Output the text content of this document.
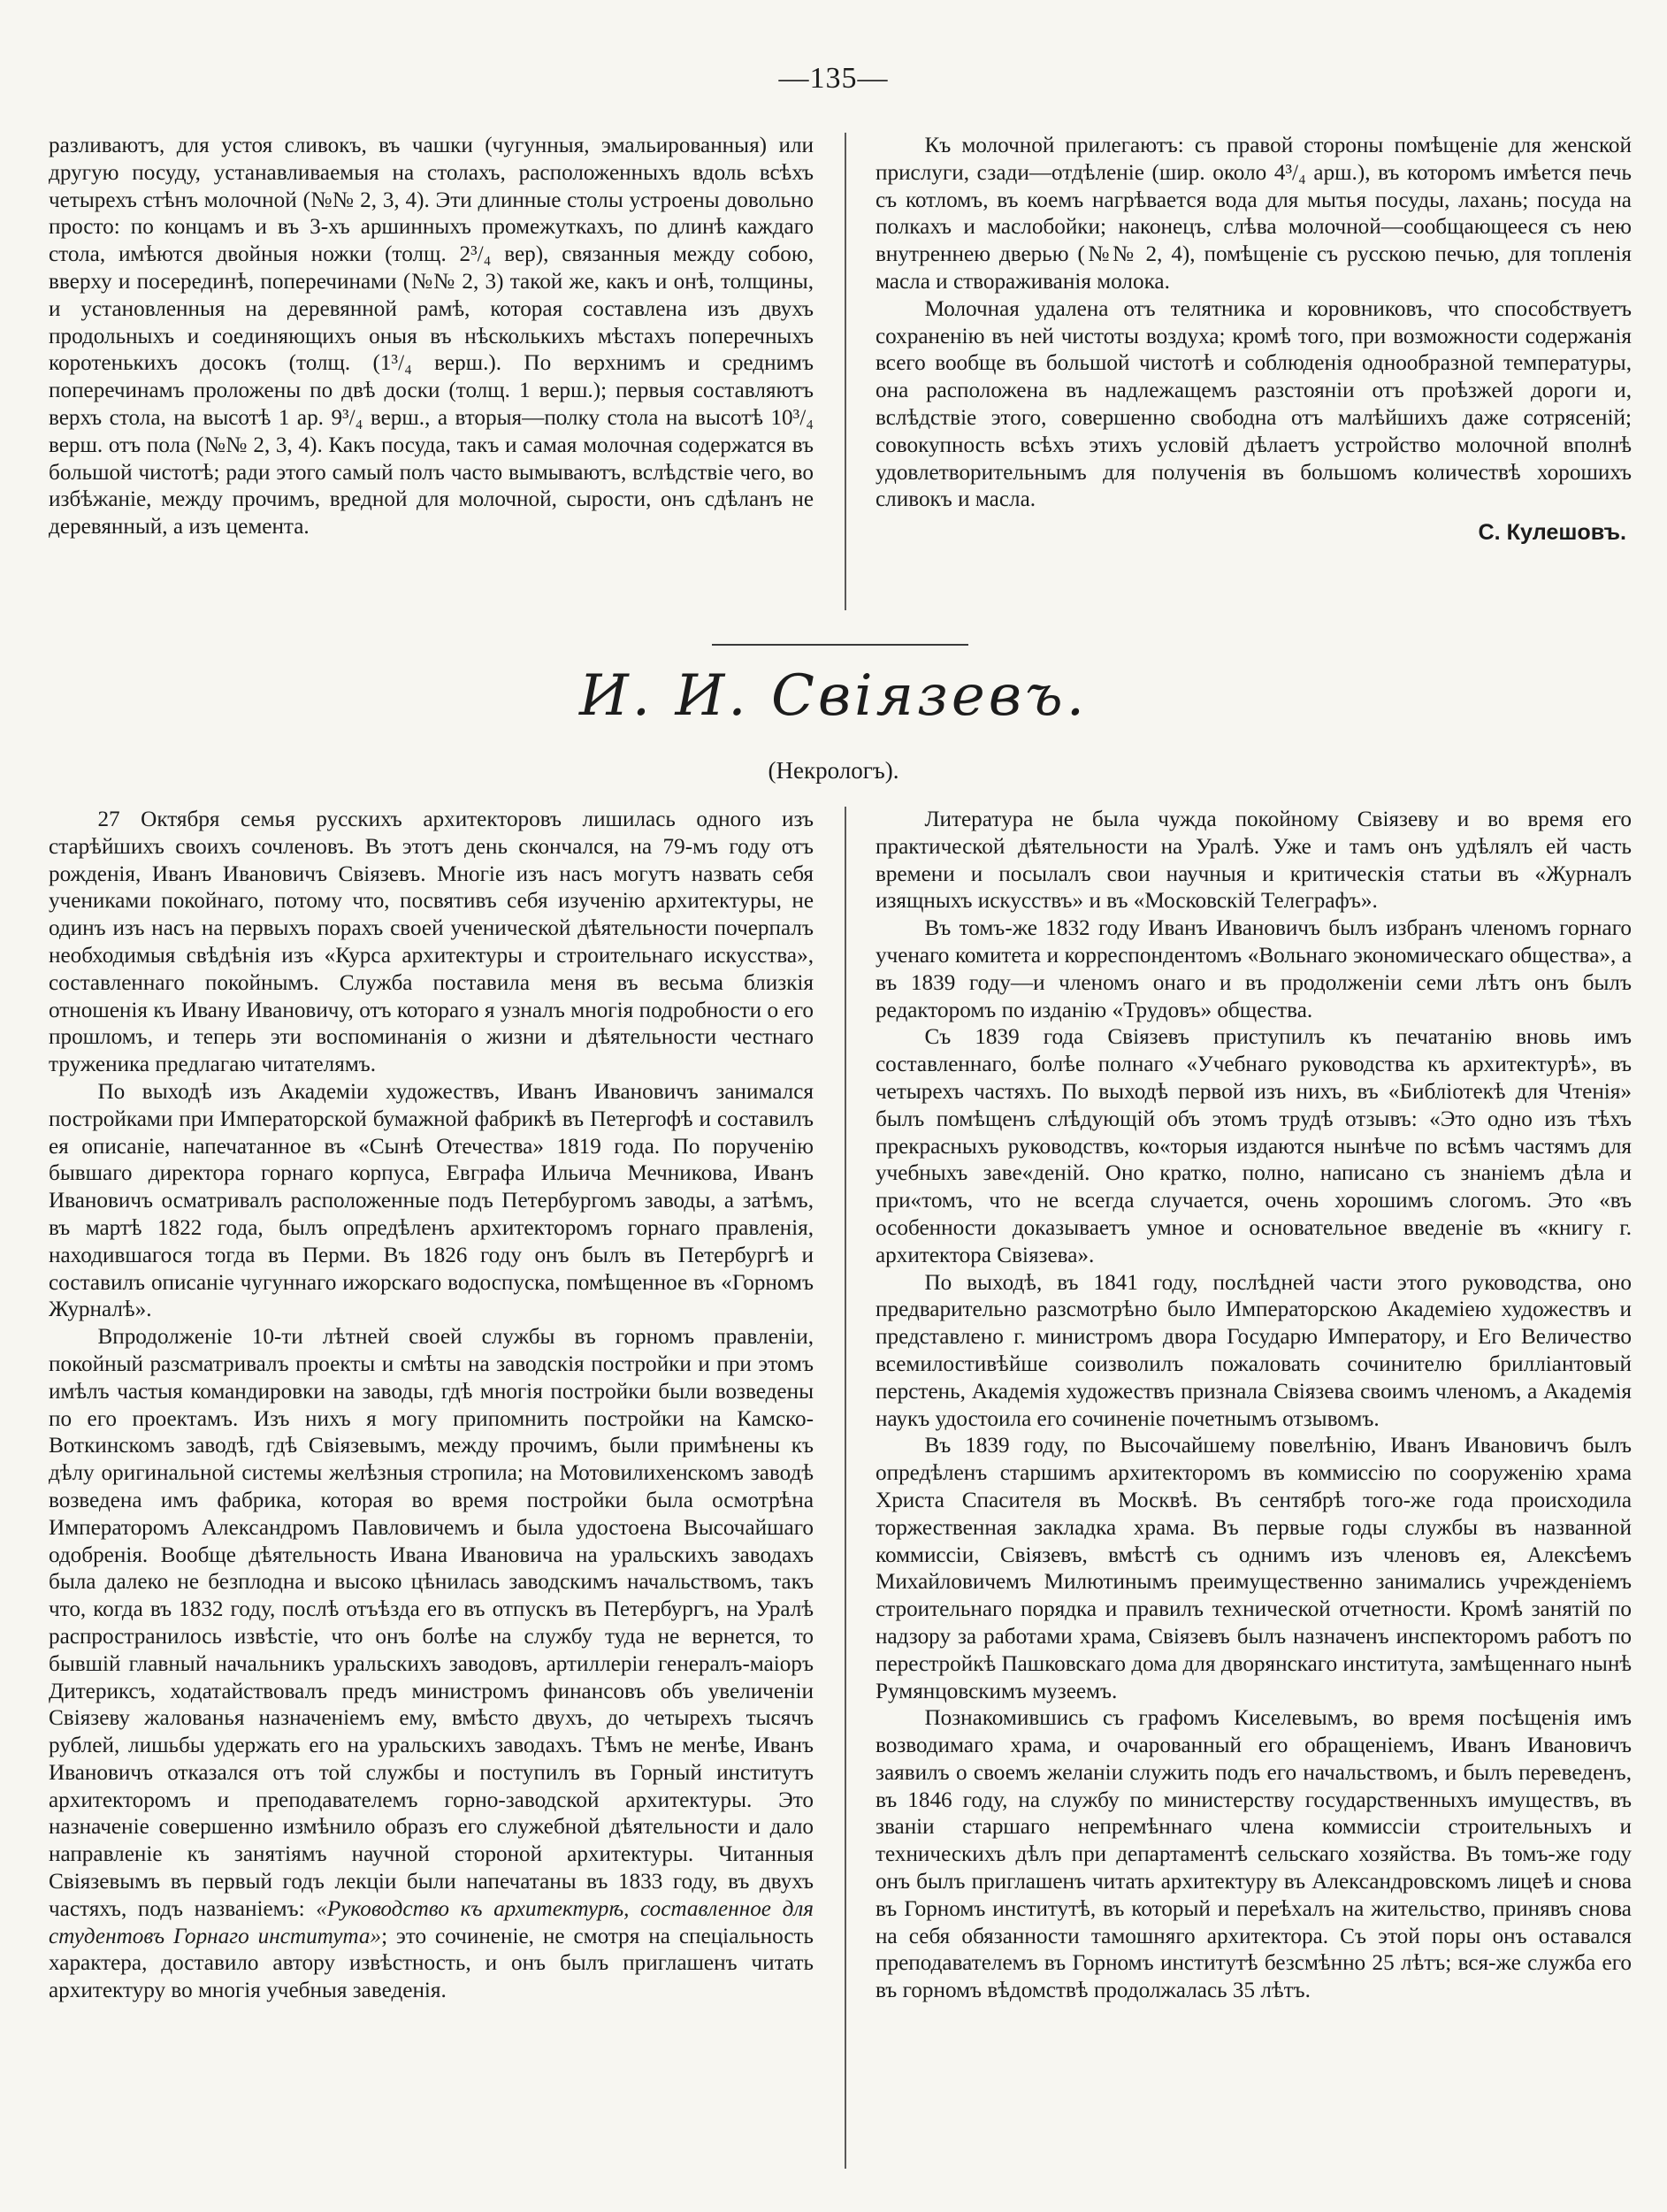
—135—

разливаютъ, для устоя сливокъ, въ чашки (чугунныя, эмальированныя) или другую посуду, устанавливаемыя на столахъ, расположенныхъ вдоль всѣхъ четырехъ стѣнъ молочной (№№ 2, 3, 4). Эти длинные столы устроены довольно просто: по концамъ и въ 3-хъ аршинныхъ промежуткахъ, по длинѣ каждаго стола, имѣются двойныя ножки (толщ. 2³/₄ вер), связанныя между собою, вверху и посерединѣ, поперечинами (№№ 2, 3) такой же, какъ и онѣ, толщины, и установленныя на деревянной рамѣ, которая составлена изъ двухъ продольныхъ и соединяющихъ оныя въ нѣсколькихъ мѣстахъ поперечныхъ коротенькихъ досокъ (толщ. (1³/₄ верш.). По верхнимъ и среднимъ поперечинамъ проложены по двѣ доски (толщ. 1 верш.); первыя составляютъ верхъ стола, на высотѣ 1 ар. 9³/₄ верш., а вторыя—полку стола на высотѣ 10³/₄ верш. отъ пола (№№ 2, 3, 4). Какъ посуда, такъ и самая молочная содержатся въ большой чистотѣ; ради этого самый полъ часто вымываютъ, вслѣдствіе чего, во избѣжаніе, между прочимъ, вредной для молочной, сырости, онъ сдѣланъ не деревянный, а изъ цемента.

Къ молочной прилегаютъ: съ правой стороны помѣщеніе для женской прислуги, сзади—отдѣленіе (шир. около 4³/₄ арш.), въ которомъ имѣется печь съ котломъ, въ коемъ нагрѣвается вода для мытья посуды, лахань; посуда на полкахъ и маслобойки; наконецъ, слѣва молочной—сообщающееся съ нею внутреннею дверью (№№ 2, 4), помѣщеніе съ русскою печью, для топленія масла и створаживанія молока.

Молочная удалена отъ телятника и коровниковъ, что способствуетъ сохраненію въ ней чистоты воздуха; кромѣ того, при возможности содержанія всего вообще въ большой чистотѣ и соблюденія однообразной температуры, она расположена въ надлежащемъ разстояніи отъ проѣзжей дороги и, вслѣдствіе этого, совершенно свободна отъ малѣйшихъ даже сотрясеній; совокупность всѣхъ этихъ условій дѣлаетъ устройство молочной вполнѣ удовлетворительнымъ для полученія въ большомъ количествѣ хорошихъ сливокъ и масла.

С. Кулешовъ.

И. И. Свіязевъ.
(Некрологъ).

27 Октября семья русскихъ архитекторовъ лишилась одного изъ старѣйшихъ своихъ сочленовъ. Въ этотъ день скончался, на 79-мъ году отъ рожденія, Иванъ Ивановичъ Свіязевъ. Многіе изъ насъ могутъ назвать себя учениками покойнаго, потому что, посвятивъ себя изученію архитектуры, не одинъ изъ насъ на первыхъ порахъ своей ученической дѣятельности почерпалъ необходимыя свѣдѣнія изъ «Курса архитектуры и строительнаго искусства», составленнаго покойнымъ. Служба поставила меня въ весьма близкія отношенія къ Ивану Ивановичу, отъ котораго я узналъ многія подробности о его прошломъ, и теперь эти воспоминанія о жизни и дѣятельности честнаго труженика предлагаю читателямъ.

По выходѣ изъ Академіи художествъ, Иванъ Ивановичъ занимался постройками при Императорской бумажной фабрикѣ въ Петергофѣ и составилъ ея описаніе, напечатанное въ «Сынѣ Отечества» 1819 года. По порученію бывшаго директора горнаго корпуса, Евграфа Ильича Мечникова, Иванъ Ивановичъ осматривалъ расположенные подъ Петербургомъ заводы, а затѣмъ, въ мартѣ 1822 года, былъ опредѣленъ архитекторомъ горнаго правленія, находившагося тогда въ Перми. Въ 1826 году онъ былъ въ Петербургѣ и составилъ описаніе чугуннаго ижорскаго водоспуска, помѣщенное въ «Горномъ Журналѣ».

Впродолженіе 10-ти лѣтней своей службы въ горномъ правленіи, покойный разсматривалъ проекты и смѣты на заводскія постройки и при этомъ имѣлъ частыя командировки на заводы, гдѣ многія постройки были возведены по его проектамъ. Изъ нихъ я могу припомнить постройки на Камско-Воткинскомъ заводѣ, гдѣ Свіязевымъ, между прочимъ, были примѣнены къ дѣлу оригинальной системы желѣзныя стропила; на Мотовилихенскомъ заводѣ возведена имъ фабрика, которая во время постройки была осмотрѣна Императоромъ Александромъ Павловичемъ и была удостоена Высочайшаго одобренія. Вообще дѣятельность Ивана Ивановича на уральскихъ заводахъ была далеко не безплодна и высоко цѣнилась заводскимъ начальствомъ, такъ что, когда въ 1832 году, послѣ отъѣзда его въ отпускъ въ Петербургъ, на Уралѣ распространилось извѣстіе, что онъ болѣе на службу туда не вернется, то бывшій главный начальникъ уральскихъ заводовъ, артиллеріи генералъ-маіоръ Дитериксъ, ходатайствовалъ предъ министромъ финансовъ объ увеличеніи Свіязеву жалованья назначеніемъ ему, вмѣсто двухъ, до четырехъ тысячъ рублей, лишьбы удержать его на уральскихъ заводахъ. Тѣмъ не менѣе, Иванъ Ивановичъ отказался отъ той службы и поступилъ въ Горный институтъ архитекторомъ и преподавателемъ горно-заводской архитектуры. Это назначеніе совершенно измѣнило образъ его служебной дѣятельности и дало направленіе къ занятіямъ научной стороной архитектуры. Читанныя Свіязевымъ въ первый годъ лекціи были напечатаны въ 1833 году, въ двухъ частяхъ, подъ названіемъ: «Руководство къ архитектурѣ, составленное для студентовъ Горнаго института»; это сочиненіе, не смотря на спеціальность характера, доставило автору извѣстность, и онъ былъ приглашенъ читать архитектуру во многія учебныя заведенія.

Литература не была чужда покойному Свіязеву и во время его практической дѣятельности на Уралѣ. Уже и тамъ онъ удѣлялъ ей часть времени и посылалъ свои научныя и критическія статьи въ «Журналъ изящныхъ искусствъ» и въ «Московскій Телеграфъ».

Въ томъ-же 1832 году Иванъ Ивановичъ былъ избранъ членомъ горнаго ученаго комитета и корреспондентомъ «Вольнаго экономическаго общества», а въ 1839 году—и членомъ онаго и въ продолженіи семи лѣтъ онъ былъ редакторомъ по изданію «Трудовъ» общества.

Съ 1839 года Свіязевъ приступилъ къ печатанію вновь имъ составленнаго, болѣе полнаго «Учебнаго руководства къ архитектурѣ», въ четырехъ частяхъ. По выходѣ первой изъ нихъ, въ «Библіотекѣ для Чтенія» былъ помѣщенъ слѣдующій объ этомъ трудѣ отзывъ: «Это одно изъ тѣхъ прекрасныхъ руководствъ, ко«торыя издаются нынѣче по всѣмъ частямъ для учебныхъ заве«деній. Оно кратко, полно, написано съ знаніемъ дѣла и при«томъ, что не всегда случается, очень хорошимъ слогомъ. Это «въ особенности доказываетъ умное и основательное введеніе въ «книгу г. архитектора Свіязева».

По выходѣ, въ 1841 году, послѣдней части этого руководства, оно предварительно разсмотрѣно было Императорскою Академіею художествъ и представлено г. министромъ двора Государю Императору, и Его Величество всемилостивѣйше соизволилъ пожаловать сочинителю бриллiантовый перстень, Академія художествъ признала Свіязева своимъ членомъ, а Академія наукъ удостоила его сочиненіе почетнымъ отзывомъ.

Въ 1839 году, по Высочайшему повелѣнію, Иванъ Ивановичъ былъ опредѣленъ старшимъ архитекторомъ въ коммиссію по сооруженію храма Христа Спасителя въ Москвѣ. Въ сентябрѣ того-же года происходила торжественная закладка храма. Въ первые годы службы въ названной коммиссіи, Свіязевъ, вмѣстѣ съ однимъ изъ членовъ ея, Алексѣемъ Михайловичемъ Милютинымъ преимущественно занимались учрежденіемъ строительнаго порядка и правилъ технической отчетности. Кромѣ занятій по надзору за работами храма, Свіязевъ былъ назначенъ инспекторомъ работъ по перестройкѣ Пашковскаго дома для дворянскаго института, замѣщеннаго нынѣ Румянцовскимъ музеемъ.

Познакомившись съ графомъ Киселевымъ, во время посѣщенія имъ возводимаго храма, и очарованный его обращеніемъ, Иванъ Ивановичъ заявилъ о своемъ желаніи служить подъ его начальствомъ, и былъ переведенъ, въ 1846 году, на службу по министерству государственныхъ имуществъ, въ званіи старшаго непремѣннаго члена коммиссіи строительныхъ и техническихъ дѣлъ при департаментѣ сельскаго хозяйства. Въ томъ-же году онъ былъ приглашенъ читать архитектуру въ Александровскомъ лицеѣ и снова въ Горномъ институтѣ, въ который и переѣхалъ на жительство, принявъ снова на себя обязанности тамошняго архитектора. Съ этой поры онъ оставался преподавателемъ въ Горномъ институтѣ безсмѣнно 25 лѣтъ; вся-же служба его въ горномъ вѣдомствѣ продолжалась 35 лѣтъ.
